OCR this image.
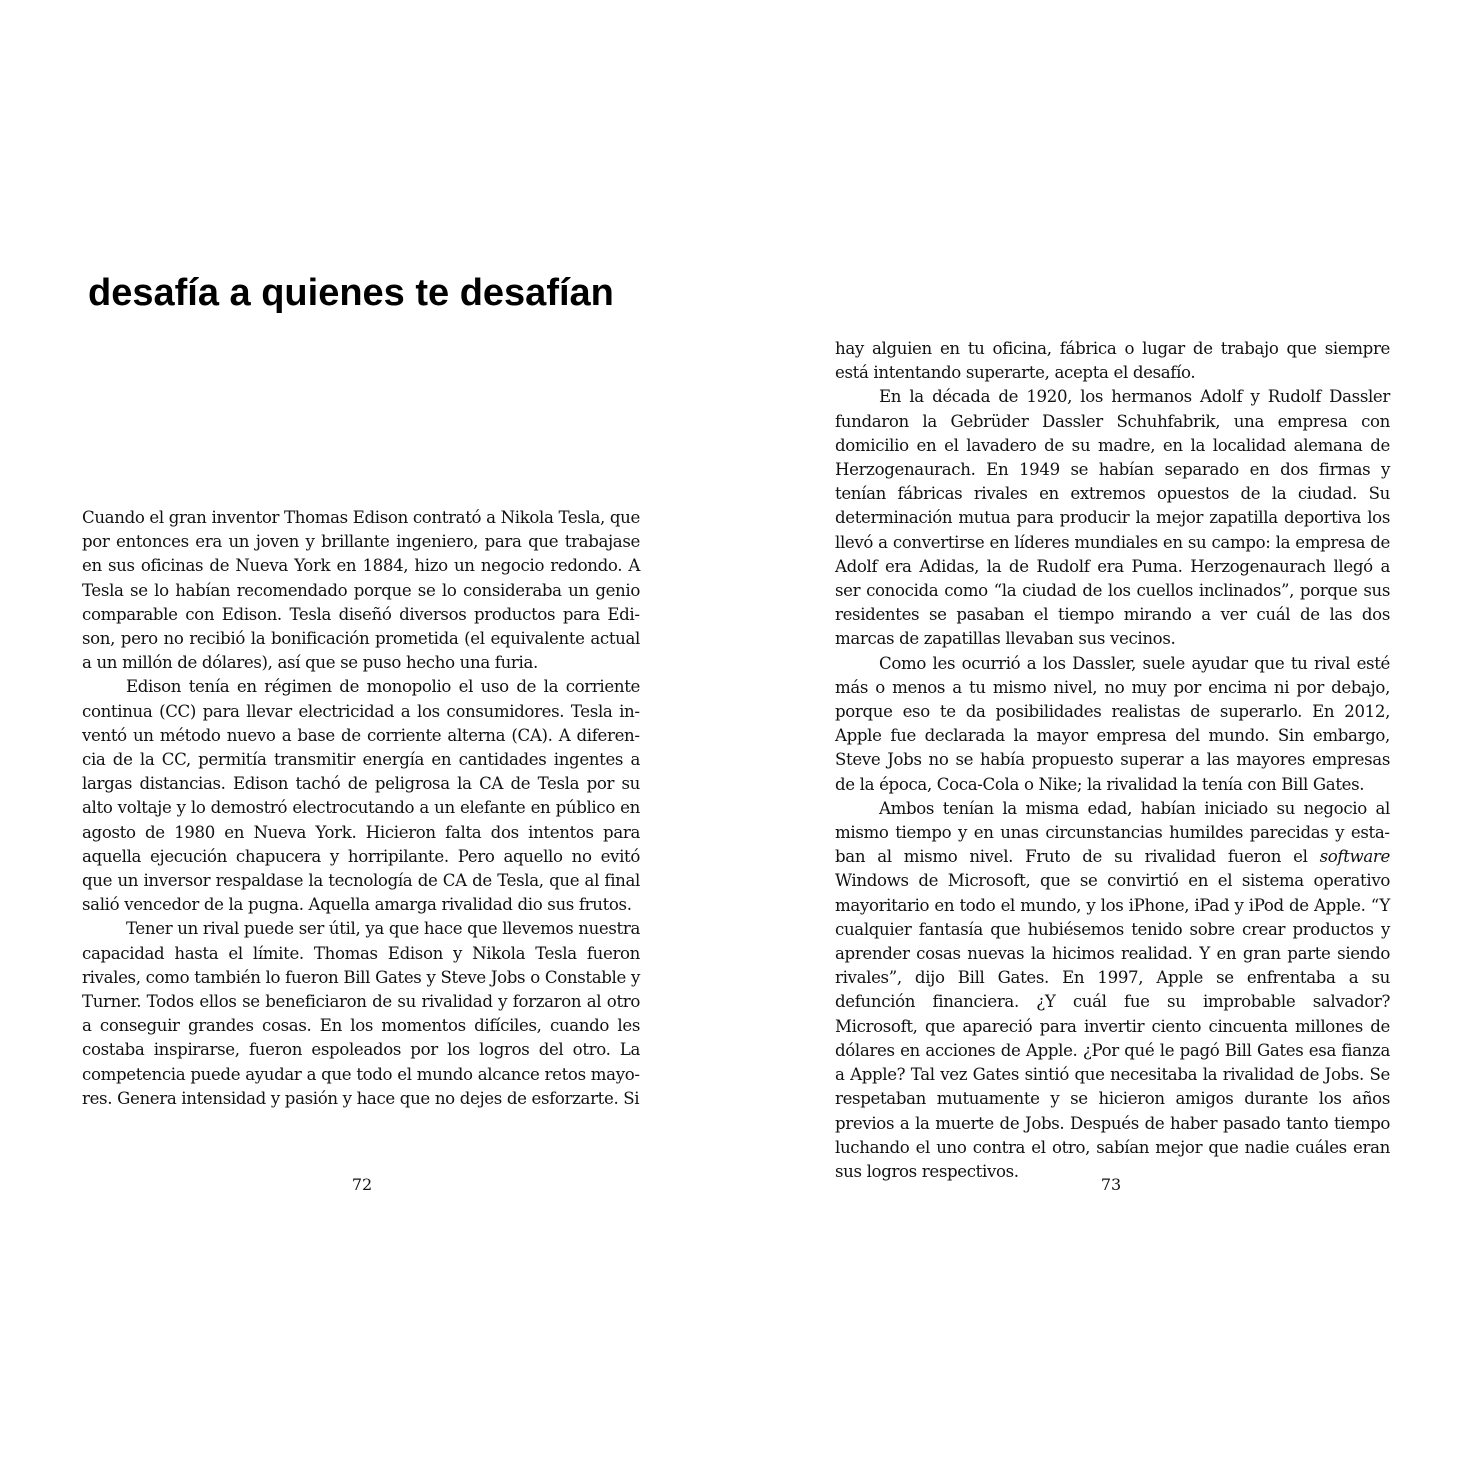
desafía a quienes te desafían

Cuando el gran inventor Thomas Edison contrató a Nikola Tesla, que por entonces era un joven y brillante ingeniero, para que trabajase en sus oficinas de Nueva York en 1884, hizo un negocio redondo. A Tesla se lo habían recomendado porque se lo consideraba un genio comparable con Edison. Tesla diseñó diversos productos para Edison, pero no recibió la bonificación prometida (el equivalente actual a un millón de dólares), así que se puso hecho una furia.

Edison tenía en régimen de monopolio el uso de la corriente continua (CC) para llevar electricidad a los consumidores. Tesla inventó un método nuevo a base de corriente alterna (CA). A diferencia de la CC, permitía transmitir energía en cantidades ingentes a largas distancias. Edison tachó de peligrosa la CA de Tesla por su alto voltaje y lo demostró electrocutando a un elefante en público en agosto de 1980 en Nueva York. Hicieron falta dos intentos para aquella ejecución chapucera y horripilante. Pero aquello no evitó que un inversor respaldase la tecnología de CA de Tesla, que al final salió vencedor de la pugna. Aquella amarga rivalidad dio sus frutos.

Tener un rival puede ser útil, ya que hace que llevemos nuestra capacidad hasta el límite. Thomas Edison y Nikola Tesla fueron rivales, como también lo fueron Bill Gates y Steve Jobs o Constable y Turner. Todos ellos se beneficiaron de su rivalidad y forzaron al otro a conseguir grandes cosas. En los momentos difíciles, cuando les costaba inspirarse, fueron espoleados por los logros del otro. La competencia puede ayudar a que todo el mundo alcance retos mayores. Genera intensidad y pasión y hace que no dejes de esforzarte. Si

72

hay alguien en tu oficina, fábrica o lugar de trabajo que siempre está intentando superarte, acepta el desafío.

En la década de 1920, los hermanos Adolf y Rudolf Dassler fundaron la Gebrüder Dassler Schuhfabrik, una empresa con domicilio en el lavadero de su madre, en la localidad alemana de Herzogenaurach. En 1949 se habían separado en dos firmas y tenían fábricas rivales en extremos opuestos de la ciudad. Su determinación mutua para producir la mejor zapatilla deportiva los llevó a convertirse en líderes mundiales en su campo: la empresa de Adolf era Adidas, la de Rudolf era Puma. Herzogenaurach llegó a ser conocida como “la ciudad de los cuellos inclinados”, porque sus residentes se pasaban el tiempo mirando a ver cuál de las dos marcas de zapatillas llevaban sus vecinos.

Como les ocurrió a los Dassler, suele ayudar que tu rival esté más o menos a tu mismo nivel, no muy por encima ni por debajo, porque eso te da posibilidades realistas de superarlo. En 2012, Apple fue declarada la mayor empresa del mundo. Sin embargo, Steve Jobs no se había propuesto superar a las mayores empresas de la época, Coca-Cola o Nike; la rivalidad la tenía con Bill Gates.

Ambos tenían la misma edad, habían iniciado su negocio al mismo tiempo y en unas circunstancias humildes parecidas y estaban al mismo nivel. Fruto de su rivalidad fueron el software Windows de Microsoft, que se convirtió en el sistema operativo mayoritario en todo el mundo, y los iPhone, iPad y iPod de Apple. “Y cualquier fantasía que hubiésemos tenido sobre crear productos y aprender cosas nuevas la hicimos realidad. Y en gran parte siendo rivales”, dijo Bill Gates. En 1997, Apple se enfrentaba a su defunción financiera. ¿Y cuál fue su improbable salvador? Microsoft, que apareció para invertir ciento cincuenta millones de dólares en acciones de Apple. ¿Por qué le pagó Bill Gates esa fianza a Apple? Tal vez Gates sintió que necesitaba la rivalidad de Jobs. Se respetaban mutuamente y se hicieron amigos durante los años previos a la muerte de Jobs. Después de haber pasado tanto tiempo luchando el uno contra el otro, sabían mejor que nadie cuáles eran sus logros respectivos.

73
